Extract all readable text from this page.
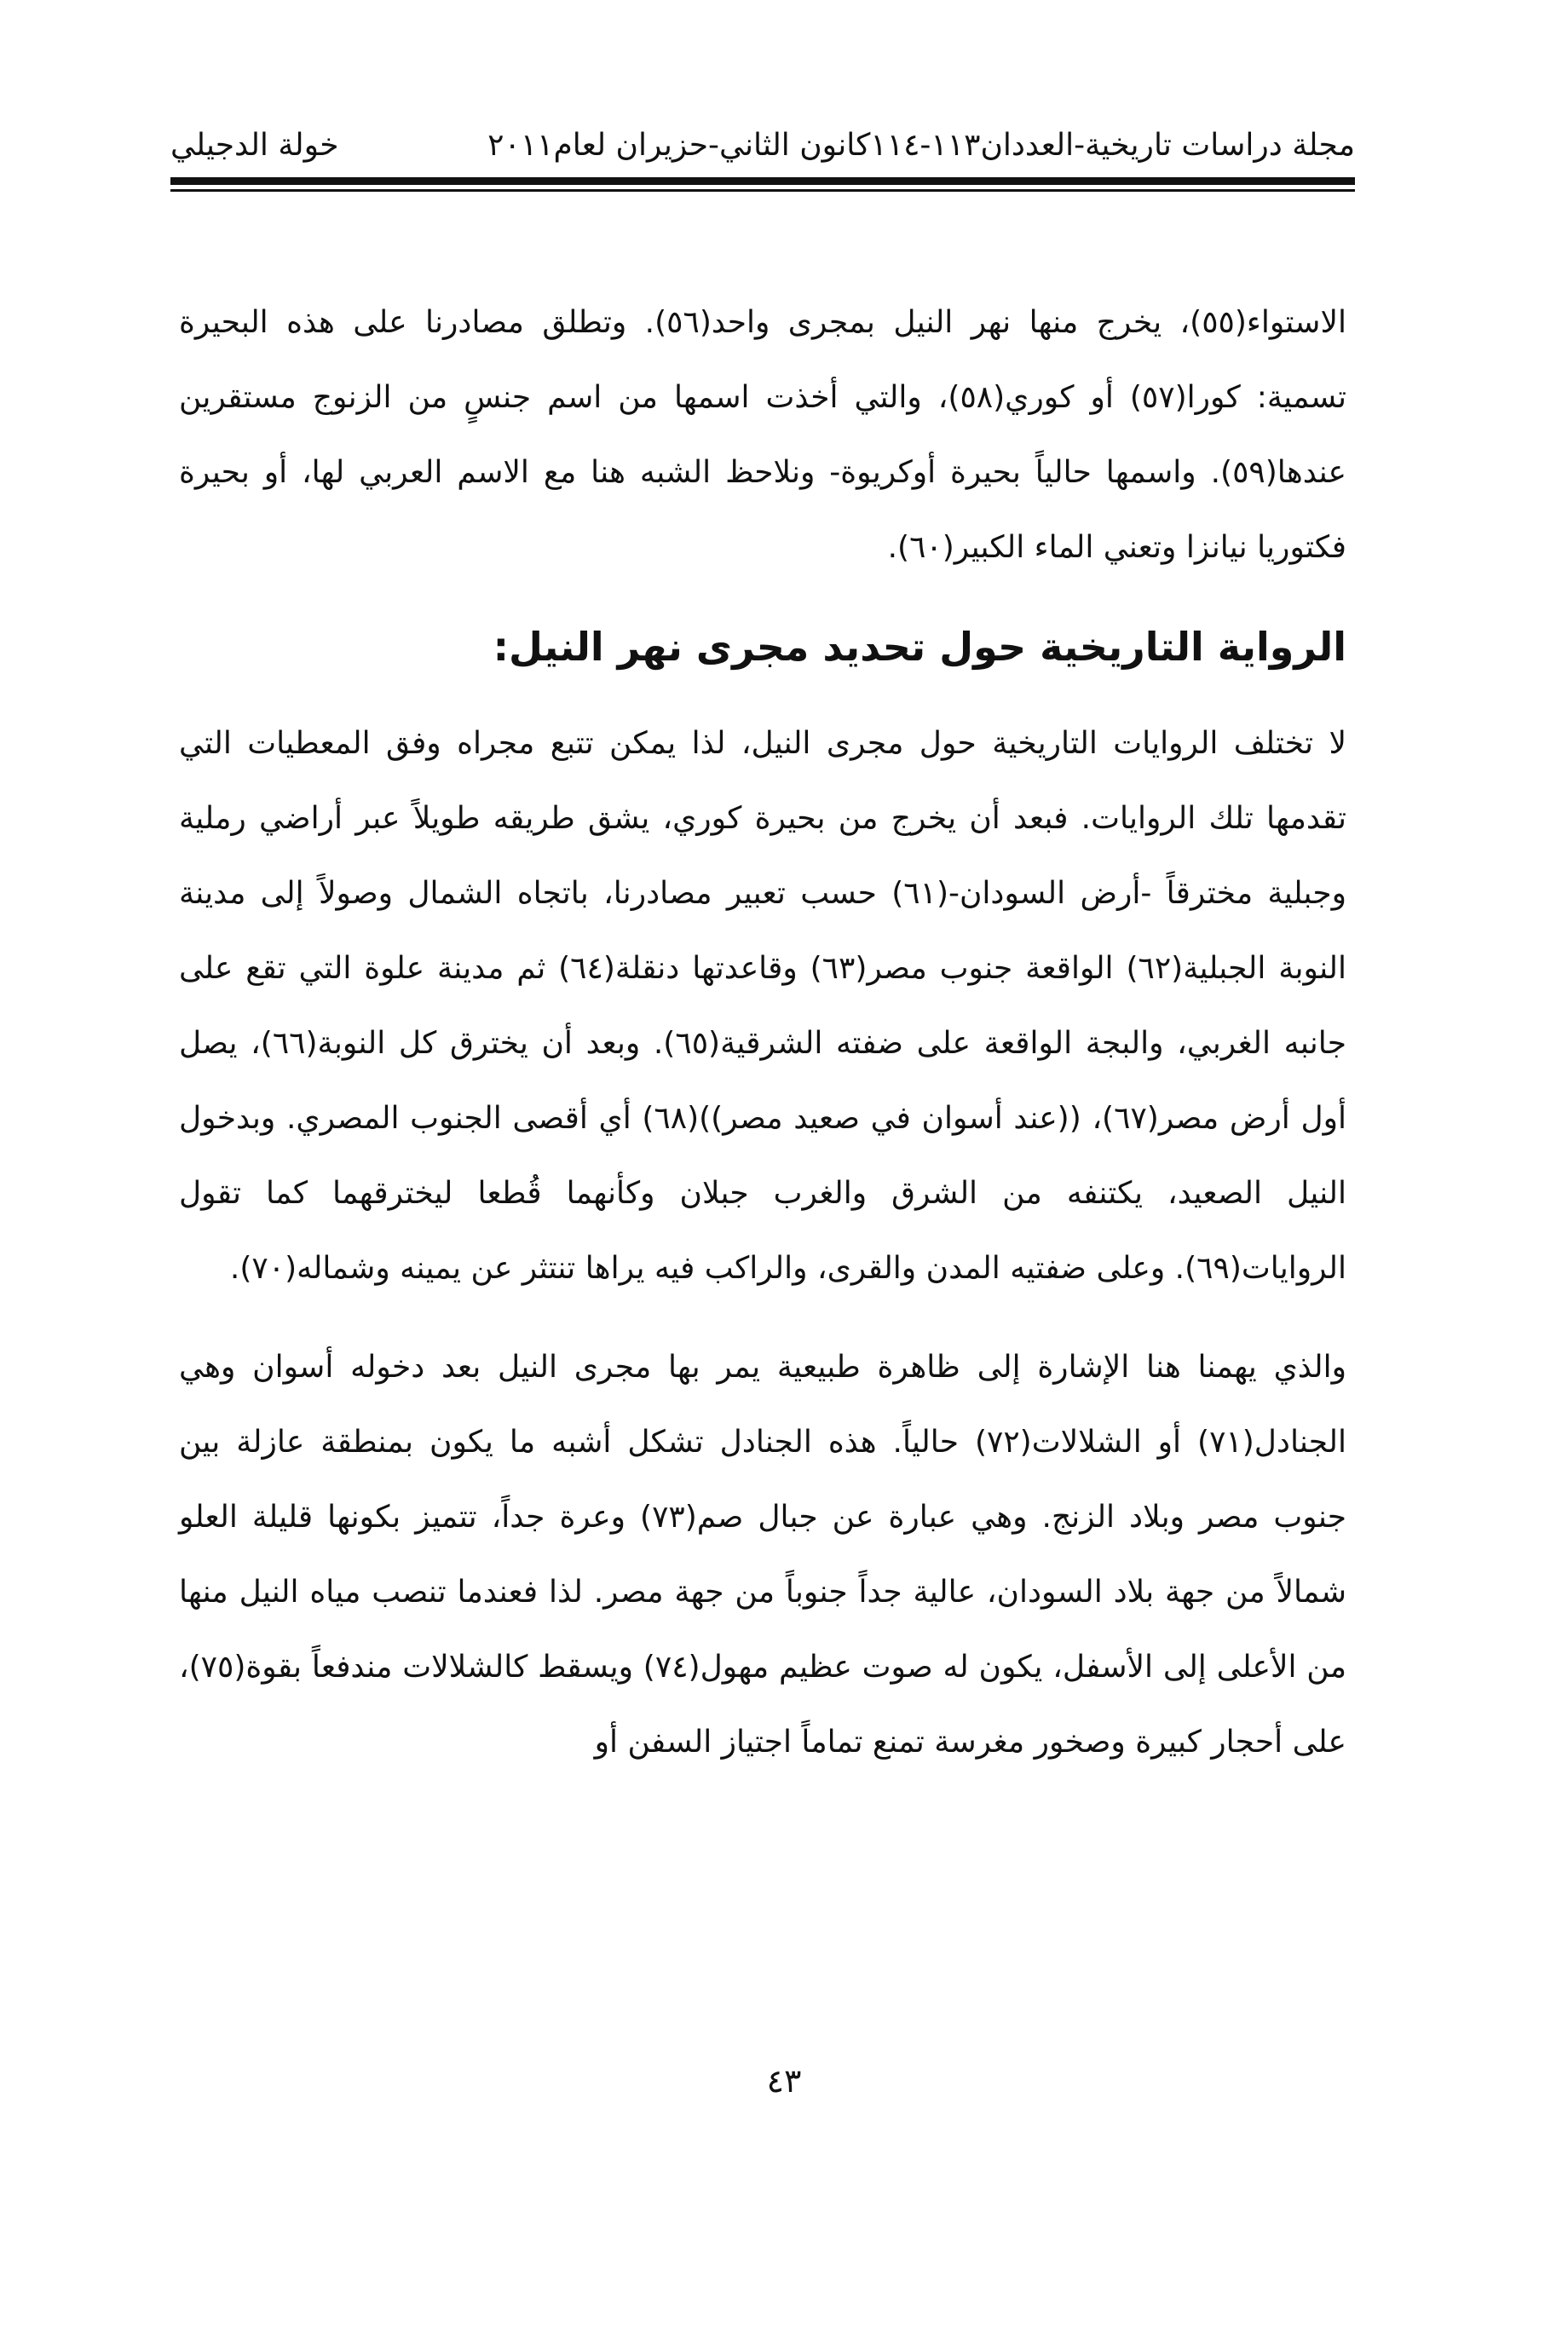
مجلة دراسات تاريخية-العددان١١٣-١١٤كانون الثاني-حزيران لعام٢٠١١
خولة الدجيلي

الاستواء(٥٥)، يخرج منها نهر النيل بمجرى واحد(٥٦). وتطلق مصادرنا على هذه البحيرة تسمية: كورا(٥٧) أو كوري(٥٨)، والتي أخذت اسمها من اسم جنسٍ من الزنوج مستقرين عندها(٥٩). واسمها حالياً بحيرة أوكريوة- ونلاحظ الشبه هنا مع الاسم العربي لها، أو بحيرة فكتوريا نيانزا وتعني الماء الكبير(٦٠).

الرواية التاريخية حول تحديد مجرى نهر النيل:

لا تختلف الروايات التاريخية حول مجرى النيل، لذا يمكن تتبع مجراه وفق المعطيات التي تقدمها تلك الروايات. فبعد أن يخرج من بحيرة كوري، يشق طريقه طويلاً عبر أراضي رملية وجبلية مخترقاً -أرض السودان-(٦١) حسب تعبير مصادرنا، باتجاه الشمال وصولاً إلى مدينة النوبة الجبلية(٦٢) الواقعة جنوب مصر(٦٣) وقاعدتها دنقلة(٦٤) ثم مدينة علوة التي تقع على جانبه الغربي، والبجة الواقعة على ضفته الشرقية(٦٥). وبعد أن يخترق كل النوبة(٦٦)، يصل أول أرض مصر(٦٧)، ((عند أسوان في صعيد مصر))(٦٨) أي أقصى الجنوب المصري. وبدخول النيل الصعيد، يكتنفه من الشرق والغرب جبلان وكأنهما قُطعا ليخترقهما كما تقول الروايات(٦٩). وعلى ضفتيه المدن والقرى، والراكب فيه يراها تنتثر عن يمينه وشماله(٧٠).

والذي يهمنا هنا الإشارة إلى ظاهرة طبيعية يمر بها مجرى النيل بعد دخوله أسوان وهي الجنادل(٧١) أو الشلالات(٧٢) حالياً. هذه الجنادل تشكل أشبه ما يكون بمنطقة عازلة بين جنوب مصر وبلاد الزنج. وهي عبارة عن جبال صم(٧٣) وعرة جداً، تتميز بكونها قليلة العلو شمالاً من جهة بلاد السودان، عالية جداً جنوباً من جهة مصر. لذا فعندما تنصب مياه النيل منها من الأعلى إلى الأسفل، يكون له صوت عظيم مهول(٧٤) ويسقط كالشلالات مندفعاً بقوة(٧٥)، على أحجار كبيرة وصخور مغرسة تمنع تماماً اجتياز السفن أو

٤٣
